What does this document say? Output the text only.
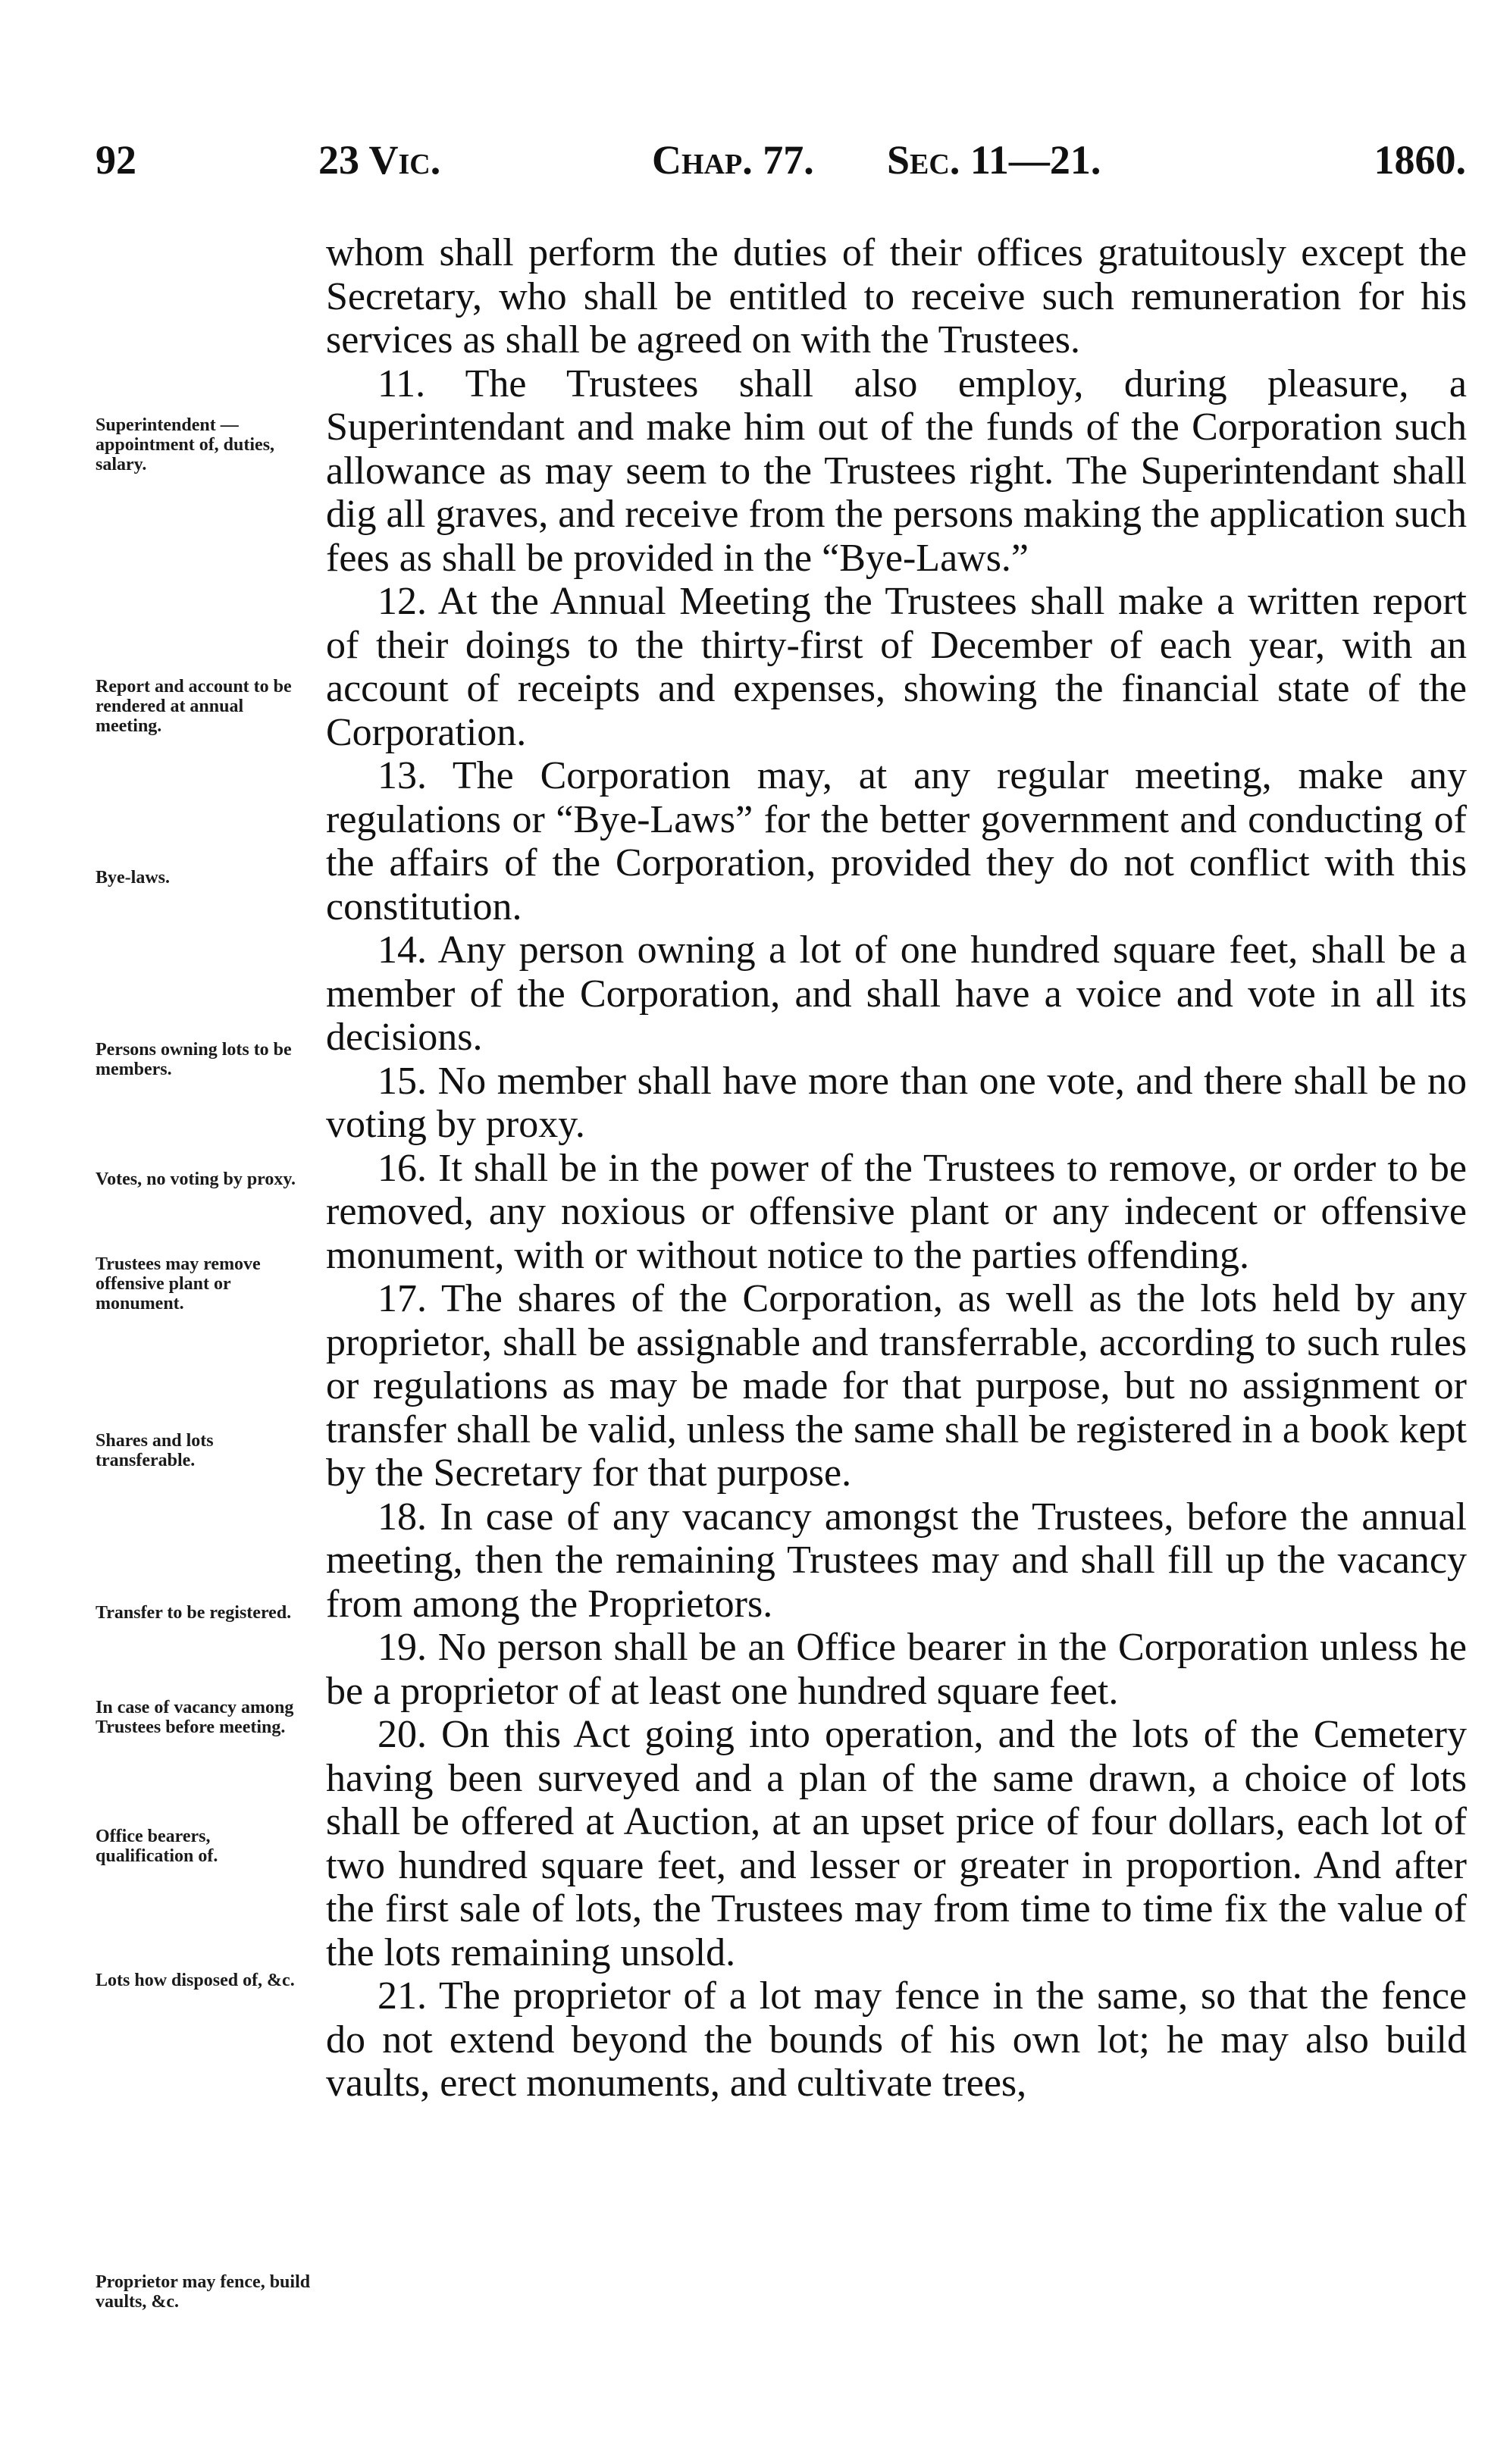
92	23 Vic.	Chap. 77. Sec. 11—21.	1860.
Superintendent —appointment of, duties, salary.
Report and account to be rendered at annual meeting.
Bye-laws.
Persons owning lots to be members.
Votes, no voting by proxy.
Trustees may remove offensive plant or monument.
Shares and lots transferable.
Transfer to be registered.
In case of vacancy among Trustees before meeting.
Office bearers, qualification of.
Lots how disposed of, &c.
Proprietor may fence, build vaults, &c.

whom shall perform the duties of their offices gratuitously except the Secretary, who shall be entitled to receive such remuneration for his services as shall be agreed on with the Trustees.

11. The Trustees shall also employ, during pleasure, a Superintendant and make him out of the funds of the Corporation such allowance as may seem to the Trustees right. The Superintendant shall dig all graves, and receive from the persons making the application such fees as shall be provided in the “Bye-Laws.”

12. At the Annual Meeting the Trustees shall make a written report of their doings to the thirty-first of December of each year, with an account of receipts and expenses, showing the financial state of the Corporation.

13. The Corporation may, at any regular meeting, make any regulations or “Bye-Laws” for the better government and conducting of the affairs of the Corporation, provided they do not conflict with this constitution.

14. Any person owning a lot of one hundred square feet, shall be a member of the Corporation, and shall have a voice and vote in all its decisions.

15. No member shall have more than one vote, and there shall be no voting by proxy.

16. It shall be in the power of the Trustees to remove, or order to be removed, any noxious or offensive plant or any indecent or offensive monument, with or without notice to the parties offending.

17. The shares of the Corporation, as well as the lots held by any proprietor, shall be assignable and transferrable, according to such rules or regulations as may be made for that purpose, but no assignment or transfer shall be valid, unless the same shall be registered in a book kept by the Secretary for that purpose.

18. In case of any vacancy amongst the Trustees, before the annual meeting, then the remaining Trustees may and shall fill up the vacancy from among the Proprietors.

19. No person shall be an Office bearer in the Corporation unless he be a proprietor of at least one hundred square feet.

20. On this Act going into operation, and the lots of the Cemetery having been surveyed and a plan of the same drawn, a choice of lots shall be offered at Auction, at an upset price of four dollars, each lot of two hundred square feet, and lesser or greater in proportion. And after the first sale of lots, the Trustees may from time to time fix the value of the lots remaining unsold.

21. The proprietor of a lot may fence in the same, so that the fence do not extend beyond the bounds of his own lot; he may also build vaults, erect monuments, and cultivate trees,
